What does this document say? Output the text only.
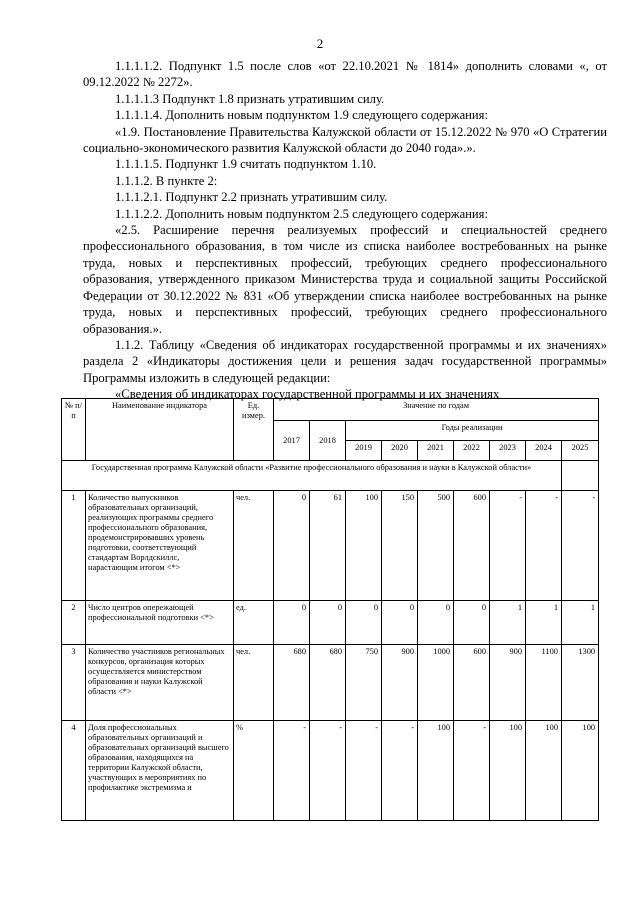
2

1.1.1.1.2. Подпункт 1.5 после слов «от 22.10.2021 № 1814» дополнить словами «, от 09.12.2022 № 2272».

1.1.1.1.3 Подпункт 1.8 признать утратившим силу.

1.1.1.1.4. Дополнить новым подпунктом 1.9 следующего содержания:

«1.9. Постановление Правительства Калужской области от 15.12.2022 № 970 «О Стратегии социально-экономического развития Калужской области до 2040 года».».

1.1.1.1.5. Подпункт 1.9 считать подпунктом 1.10.

1.1.1.2. В пункте 2:

1.1.1.2.1. Подпункт 2.2 признать утратившим силу.

1.1.1.2.2. Дополнить новым подпунктом 2.5 следующего содержания:

«2.5. Расширение перечня реализуемых профессий и специальностей среднего профессионального образования, в том числе из списка наиболее востребованных на рынке труда, новых и перспективных профессий, требующих среднего профессионального образования, утвержденного приказом Министерства труда и социальной защиты Российской Федерации от 30.12.2022 № 831 «Об утверждении списка наиболее востребованных на рынке труда, новых и перспективных профессий, требующих среднего профессионального образования.».

1.1.2. Таблицу «Сведения об индикаторах государственной программы и их значениях» раздела 2 «Индикаторы достижения цели и решения задач государственной программы» Программы изложить в следующей редакции:

«Сведения об индикаторах государственной программы и их значениях

№ п/п	Наименование индикатора	Ед. измер.	Значение по годам								
			2017	2018	Годы реализации						
					2019	2020	2021	2022	2023	2024	2025
Государственная программа Калужской области «Развитие профессионального образования и науки в Калужской области»											
1	Количество выпускников образовательных организаций, реализующих программы среднего профессионального образования, продемонстрировавших уровень подготовки, соответствующий стандартам Ворлдскиллс, нарастающим итогом <*>	чел.	0	61	100	150	500	600	-	-	-
2	Число центров опережающей профессиональной подготовки <*>	ед.	0	0	0	0	0	0	1	1	1
3	Количество участников региональных конкурсов, организация которых осуществляется министерством образования и науки Калужской области <*>	чел.	680	680	750	900	1000	600	900	1100	1300
4	Доля профессиональных образовательных организаций и образовательных организаций высшего образования, находящихся на территории Калужской области, участвующих в мероприятиях по профилактике экстремизма и	%	-	-	-	-	100	-	100	100	100
